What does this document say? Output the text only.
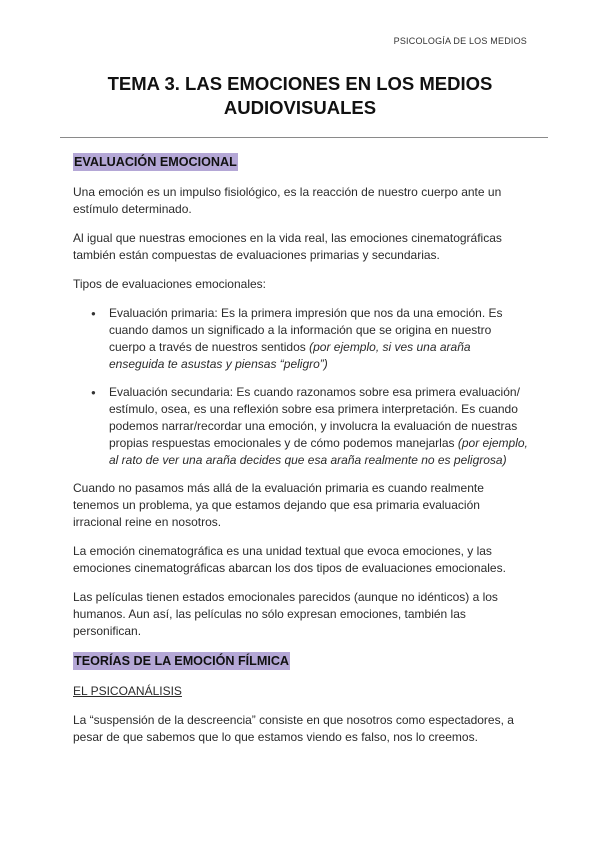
PSICOLOGÍA DE LOS MEDIOS
TEMA 3. LAS EMOCIONES EN LOS MEDIOS AUDIOVISUALES
EVALUACIÓN EMOCIONAL

Una emoción es un impulso fisiológico, es la reacción de nuestro cuerpo ante un estímulo determinado.

Al igual que nuestras emociones en la vida real, las emociones cinematográficas también están compuestas de evaluaciones primarias y secundarias.

Tipos de evaluaciones emocionales:

● Evaluación primaria: Es la primera impresión que nos da una emoción. Es cuando damos un significado a la información que se origina en nuestro cuerpo a través de nuestros sentidos (por ejemplo, si ves una araña enseguida te asustas y piensas “peligro”)
● Evaluación secundaria: Es cuando razonamos sobre esa primera evaluación/ estímulo, osea, es una reflexión sobre esa primera interpretación. Es cuando podemos narrar/recordar una emoción, y involucra la evaluación de nuestras propias respuestas emocionales y de cómo podemos manejarlas (por ejemplo, al rato de ver una araña decides que esa araña realmente no es peligrosa)

Cuando no pasamos más allá de la evaluación primaria es cuando realmente tenemos un problema, ya que estamos dejando que esa primaria evaluación irracional reine en nosotros.

La emoción cinematográfica es una unidad textual que evoca emociones, y las emociones cinematográficas abarcan los dos tipos de evaluaciones emocionales.

Las películas tienen estados emocionales parecidos (aunque no idénticos) a los humanos. Aun así, las películas no sólo expresan emociones, también las personifican.

TEORÍAS DE LA EMOCIÓN FÍLMICA

EL PSICOANÁLISIS

La “suspensión de la descreencia” consiste en que nosotros como espectadores, a pesar de que sabemos que lo que estamos viendo es falso, nos lo creemos.
